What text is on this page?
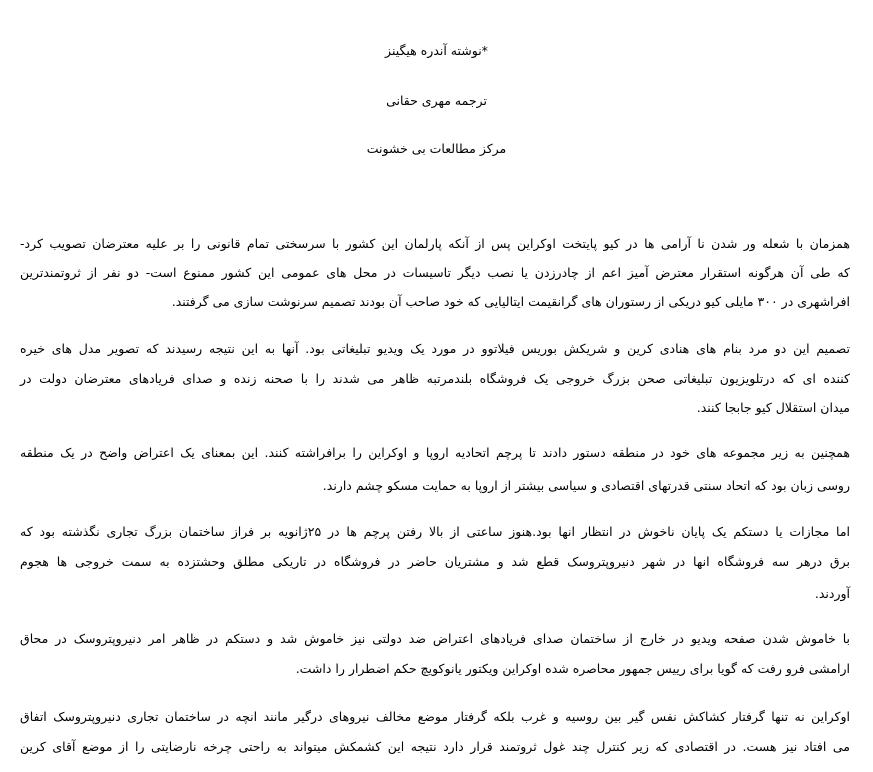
*نوشته آندره هیگینز
ترجمه مهری حقانی
مرکز مطالعات بی خشونت
همزمان با شعله ور شدن نا آرامی ها در کیو پایتخت اوکراین پس از آنکه پارلمان این کشور با سرسختی تمام قانونی را بر علیه معترضان تصویب کرد-
که طی آن هرگونه استقرار معترض آمیز اعم از چادرزدن یا نصب دیگر تاسیسات در محل های عمومی این کشور ممنوع است- دو نفر از ثروتمندترین
افراشهری در ۳۰۰ مایلی کیو دریکی از رستوران های گرانقیمت ایتالیایی که خود صاحب آن بودند تصمیم سرنوشت سازی می گرفتند.
تصمیم این دو مرد بنام های هنادی کرین و شریکش بوریس فیلاتوو در مورد یک ویدیو تبلیغاتی بود. آنها به این نتیجه رسیدند که تصویر مدل های خیره
کننده ای که درتلویزیون تبلیغاتی صحن بزرگ خروجی یک فروشگاه بلندمرتبه ظاهر می شدند را با صحنه زنده و صدای فریادهای معترضان دولت در
میدان استقلال کیو جابجا کنند.
همچنین به زیر مجموعه های خود در منطقه دستور دادند تا پرچم اتحادیه اروپا و اوکراین را برافراشته کنند. این بمعنای یک اعتراض واضح در یک منطقه
روسی زبان بود که اتحاد سنتی قدرتهای اقتصادی و سیاسی بیشتر از اروپا به حمایت مسکو چشم دارند.
اما مجازات یا دستکم یک پایان ناخوش در انتظار انها بود.هنوز ساعتی از بالا رفتن پرچم ها در ۲۵ژانویه بر فراز ساختمان بزرگ تجاری نگذشته بود که
برق درهر سه فروشگاه انها در شهر دنیروپتروسک قطع شد و مشتریان حاضر در فروشگاه در تاریکی مطلق وحشتزده به سمت خروجی ها هجوم
آوردند.
با خاموش شدن صفحه ویدیو در خارج از ساختمان صدای فریادهای اعتراض ضد دولتی نیز خاموش شد و دستکم در ظاهر امر دنیروپتروسک در محاق
ارامشی فرو رفت که گویا برای رییس جمهور محاصره شده اوکراین ویکتور یانوکویچ حکم اضطرار را داشت.
اوکراین نه تنها گرفتار کشاکش نفس گیر بین روسیه و غرب بلکه گرفتار موضع مخالف نیروهای درگیر مانند انچه در ساختمان تجاری دنیروپتروسک اتفاق
می افتاد نیز هست. در اقتصادی که زیر کنترل چند غول ثروتمند قرار دارد نتیجه این کشمکش میتواند به راحتی چرخه نارضایتی را از موضع آقای کرین
